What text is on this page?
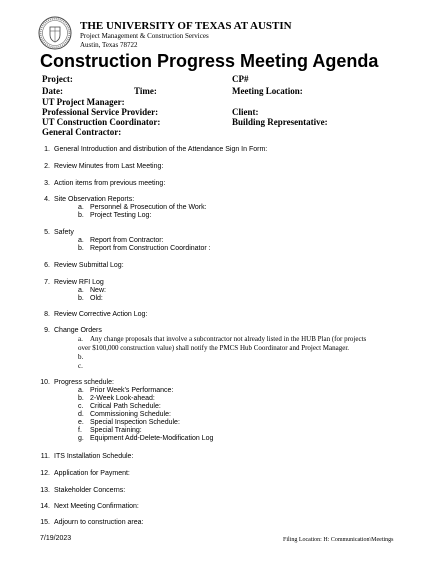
THE UNIVERSITY OF TEXAS AT AUSTIN
Project Management & Construction Services
Austin, Texas 78722
Construction Progress Meeting Agenda
Project:	CP#
Date:	Time:	Meeting Location:
UT Project Manager:
Professional Service Provider:	Client:
UT Construction Coordinator:	Building Representative:
General Contractor:
1. General Introduction and distribution of the Attendance Sign In Form:
2. Review Minutes from Last Meeting:
3. Action items from previous meeting:
4. Site Observation Reports:
a. Personnel & Prosecution of the Work:
b. Project Testing Log:
5. Safety
a. Report from Contractor:
b. Report from Construction Coordinator :
6. Review Submittal Log:
7. Review RFI Log
a. New:
b. Old:
8. Review Corrective Action Log:
9. Change Orders
a. Any change proposals that involve a subcontractor not already listed in the HUB Plan (for projects
over $100,000 construction value) shall notify the PMCS Hub Coordinator and Project Manager.
b.
c.
10. Progress schedule:
a. Prior Week’s Performance:
b. 2-Week Look-ahead:
c. Critical Path Schedule:
d. Commissioning Schedule:
e. Special Inspection Schedule:
f. Special Training:
g. Equipment Add-Delete-Modification Log
11. ITS Installation Schedule:
12. Application for Payment:
13. Stakeholder Concerns:
14. Next Meeting Confirmation:
15. Adjourn to construction area:
7/19/2023	Filing Location: H: Communication\Meetings
